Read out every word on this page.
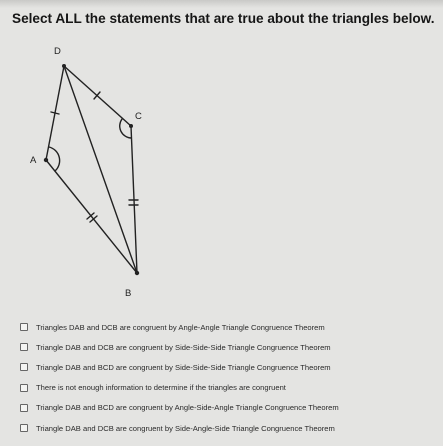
Select ALL the statements that are true about the triangles below.
D
C
A
B
Triangles DAB and DCB are congruent by Angle-Angle Triangle Congruence Theorem
Triangle DAB and DCB are congruent by Side-Side-Side Triangle Congruence Theorem
Triangle DAB and BCD are congruent by Side-Side-Side Triangle Congruence Theorem
There is not enough information to determine if the triangles are congruent
Triangle DAB and BCD are congruent by Angle-Side-Angle Triangle Congruence Theorem
Triangle DAB and DCB are congruent by Side-Angle-Side Triangle Congruence Theorem
